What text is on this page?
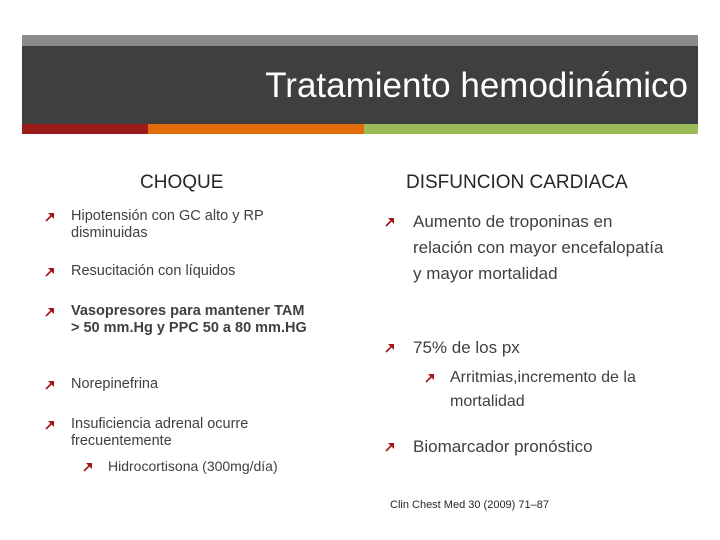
Tratamiento hemodinámico
CHOQUE
Hipotensión con GC alto y RP disminuidas
Resucitación con líquidos
Vasopresores para mantener TAM > 50 mm.Hg y PPC 50 a 80 mm.HG
Norepinefrina
Insuficiencia adrenal ocurre frecuentemente
Hidrocortisona (300mg/día)
DISFUNCION CARDIACA
Aumento de troponinas en relación con mayor encefalopatía y mayor mortalidad
75% de los px
Arritmias,incremento de la mortalidad
Biomarcador pronóstico
Clin Chest Med 30 (2009) 71–87
